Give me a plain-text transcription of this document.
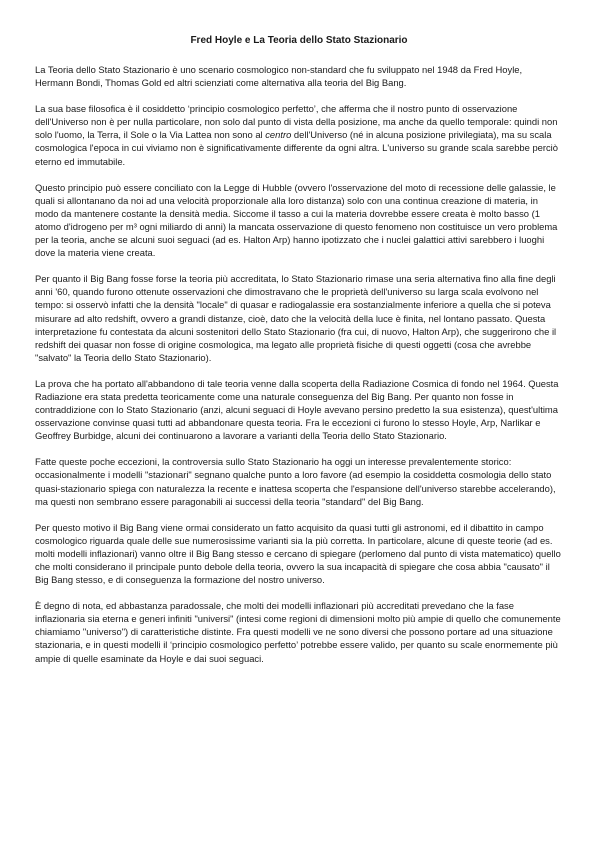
Fred Hoyle e La Teoria dello Stato Stazionario

La Teoria dello Stato Stazionario è uno scenario cosmologico non-standard che fu sviluppato nel 1948 da Fred Hoyle, Hermann Bondi, Thomas Gold ed altri scienziati come alternativa alla teoria del Big Bang.

La sua base filosofica è il cosiddetto ‘principio cosmologico perfetto’, che afferma che il nostro punto di osservazione dell'Universo non è per nulla particolare, non solo dal punto di vista della posizione, ma anche da quello temporale: quindi non solo l'uomo, la Terra, il Sole o la Via Lattea non sono al centro dell'Universo (né in alcuna posizione privilegiata), ma su scala cosmologica l'epoca in cui viviamo non è significativamente differente da ogni altra. L'universo su grande scala sarebbe perciò eterno ed immutabile.

Questo principio può essere conciliato con la Legge di Hubble (ovvero l'osservazione del moto di recessione delle galassie, le quali si allontanano da noi ad una velocità proporzionale alla loro distanza) solo con una continua creazione di materia, in modo da mantenere costante la densità media. Siccome il tasso a cui la materia dovrebbe essere creata è molto basso (1 atomo d'idrogeno per m³ ogni miliardo di anni) la mancata osservazione di questo fenomeno non costituisce un vero problema per la teoria, anche se alcuni suoi seguaci (ad es. Halton Arp) hanno ipotizzato che i nuclei galattici attivi sarebbero i luoghi dove la materia viene creata.

Per quanto il Big Bang fosse forse la teoria più accreditata, lo Stato Stazionario rimase una seria alternativa fino alla fine degli anni '60, quando furono ottenute osservazioni che dimostravano che le proprietà dell'universo su larga scala evolvono nel tempo: si osservò infatti che la densità "locale" di quasar e radiogalassie era sostanzialmente inferiore a quella che si poteva misurare ad alto redshift, ovvero a grandi distanze, cioè, dato che la velocità della luce è finita, nel lontano passato. Questa interpretazione fu contestata da alcuni sostenitori dello Stato Stazionario (fra cui, di nuovo, Halton Arp), che suggerirono che il redshift dei quasar non fosse di origine cosmologica, ma legato alle proprietà fisiche di questi oggetti (cosa che avrebbe "salvato" la Teoria dello Stato Stazionario).

La prova che ha portato all'abbandono di tale teoria venne dalla scoperta della Radiazione Cosmica di fondo nel 1964. Questa Radiazione era stata predetta teoricamente come una naturale conseguenza del Big Bang. Per quanto non fosse in contraddizione con lo Stato Stazionario (anzi, alcuni seguaci di Hoyle avevano persino predetto la sua esistenza), quest'ultima osservazione convinse quasi tutti ad abbandonare questa teoria. Fra le eccezioni ci furono lo stesso Hoyle, Arp, Narlikar e Geoffrey Burbidge, alcuni dei continuarono a lavorare a varianti della Teoria dello Stato Stazionario.

Fatte queste poche eccezioni, la controversia sullo Stato Stazionario ha oggi un interesse prevalentemente storico: occasionalmente i modelli "stazionari" segnano qualche punto a loro favore (ad esempio la cosiddetta cosmologia dello stato quasi-stazionario spiega con naturalezza la recente e inattesa scoperta che l'espansione dell'universo starebbe accelerando), ma questi non sembrano essere paragonabili ai successi della teoria "standard" del Big Bang.

Per questo motivo il Big Bang viene ormai considerato un fatto acquisito da quasi tutti gli astronomi, ed il dibattito in campo cosmologico riguarda quale delle sue numerosissime varianti sia la più corretta. In particolare, alcune di queste teorie (ad es. molti modelli inflazionari) vanno oltre il Big Bang stesso e cercano di spiegare (perlomeno dal punto di vista matematico) quello che molti considerano il principale punto debole della teoria, ovvero la sua incapacità di spiegare che cosa abbia "causato" il Big Bang stesso, e di conseguenza la formazione del nostro universo.

È degno di nota, ed abbastanza paradossale, che molti dei modelli inflazionari più accreditati prevedano che la fase inflazionaria sia eterna e generi infiniti "universi" (intesi come regioni di dimensioni molto più ampie di quello che comunemente chiamiamo "universo") di caratteristiche distinte. Fra questi modelli ve ne sono diversi che possono portare ad una situazione stazionaria, e in questi modelli il ‘principio cosmologico perfetto’ potrebbe essere valido, per quanto su scale enormemente più ampie di quelle esaminate da Hoyle e dai suoi seguaci.
